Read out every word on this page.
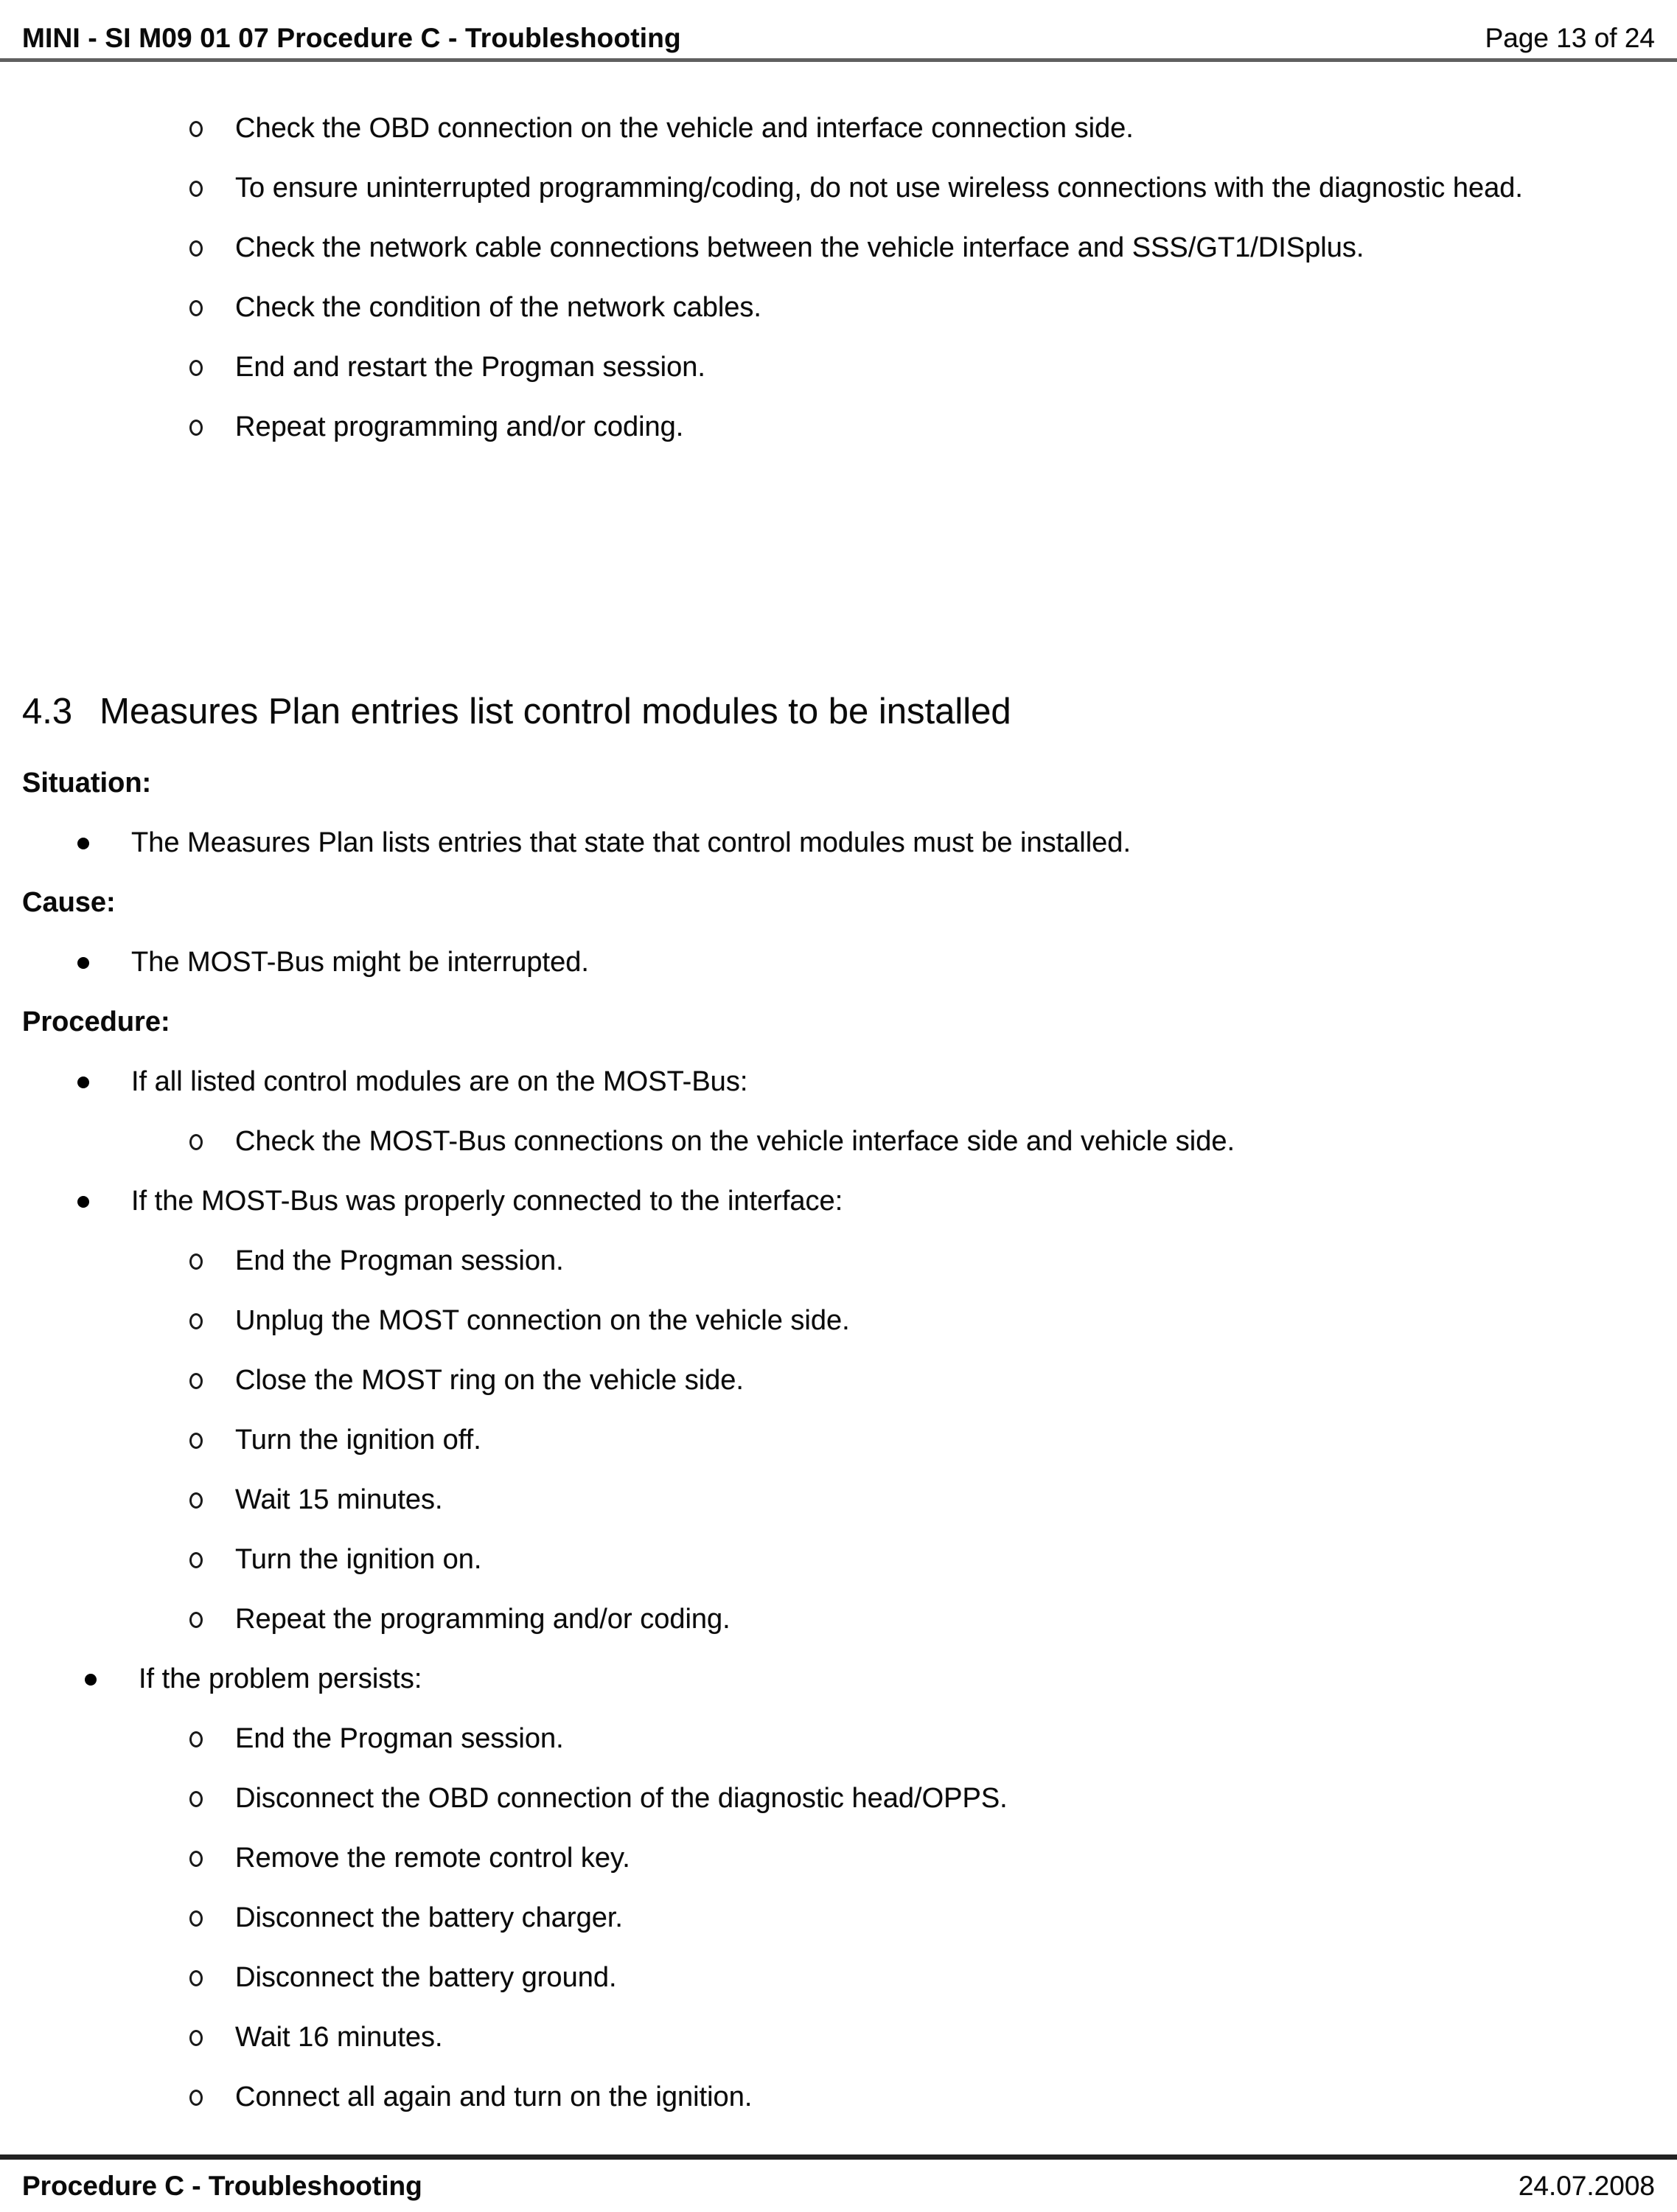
MINI - SI M09 01 07 Procedure C - Troubleshooting	Page 13 of 24
Check the OBD connection on the vehicle and interface connection side.
To ensure uninterrupted programming/coding, do not use wireless connections with the diagnostic head.
Check the network cable connections between the vehicle interface and SSS/GT1/DISplus.
Check the condition of the network cables.
End and restart the Progman session.
Repeat programming and/or coding.
4.3 Measures Plan entries list control modules to be installed
Situation:
The Measures Plan lists entries that state that control modules must be installed.
Cause:
The MOST-Bus might be interrupted.
Procedure:
If all listed control modules are on the MOST-Bus:
Check the MOST-Bus connections on the vehicle interface side and vehicle side.
If the MOST-Bus was properly connected to the interface:
End the Progman session.
Unplug the MOST connection on the vehicle side.
Close the MOST ring on the vehicle side.
Turn the ignition off.
Wait 15 minutes.
Turn the ignition on.
Repeat the programming and/or coding.
If the problem persists:
End the Progman session.
Disconnect the OBD connection of the diagnostic head/OPPS.
Remove the remote control key.
Disconnect the battery charger.
Disconnect the battery ground.
Wait 16 minutes.
Connect all again and turn on the ignition.
Procedure C - Troubleshooting	24.07.2008
